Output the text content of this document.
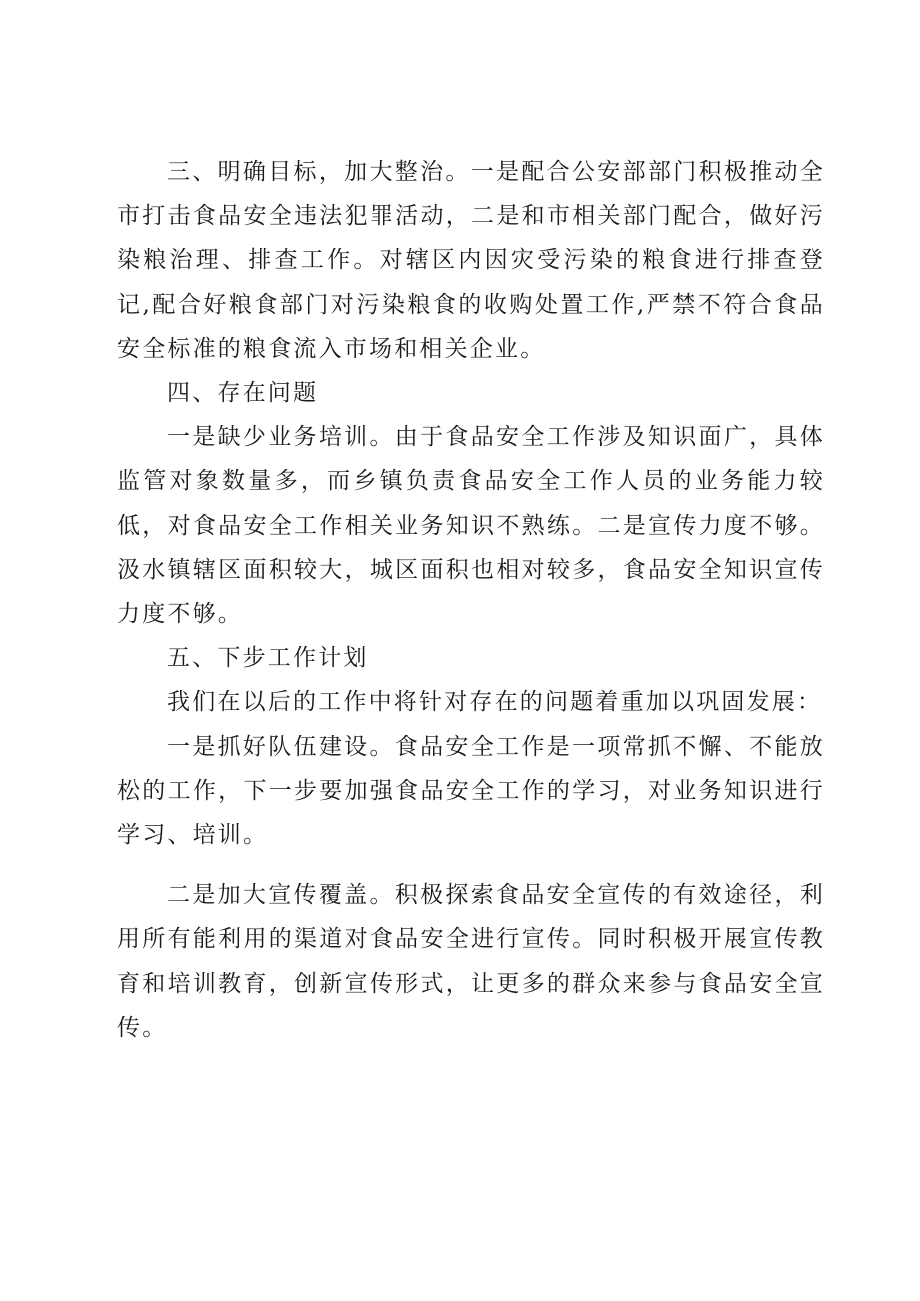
三、明确目标，加大整治。一是配合公安部部门积极推动全市打击食品安全违法犯罪活动，二是和市相关部门配合，做好污染粮治理、排查工作。对辖区内因灾受污染的粮食进行排查登记,配合好粮食部门对污染粮食的收购处置工作,严禁不符合食品安全标准的粮食流入市场和相关企业。

四、存在问题

一是缺少业务培训。由于食品安全工作涉及知识面广，具体监管对象数量多，而乡镇负责食品安全工作人员的业务能力较低，对食品安全工作相关业务知识不熟练。二是宣传力度不够。汲水镇辖区面积较大，城区面积也相对较多，食品安全知识宣传力度不够。

五、下步工作计划

我们在以后的工作中将针对存在的问题着重加以巩固发展：

一是抓好队伍建设。食品安全工作是一项常抓不懈、不能放松的工作，下一步要加强食品安全工作的学习，对业务知识进行学习、培训。

二是加大宣传覆盖。积极探索食品安全宣传的有效途径，利用所有能利用的渠道对食品安全进行宣传。同时积极开展宣传教育和培训教育，创新宣传形式，让更多的群众来参与食品安全宣传。
